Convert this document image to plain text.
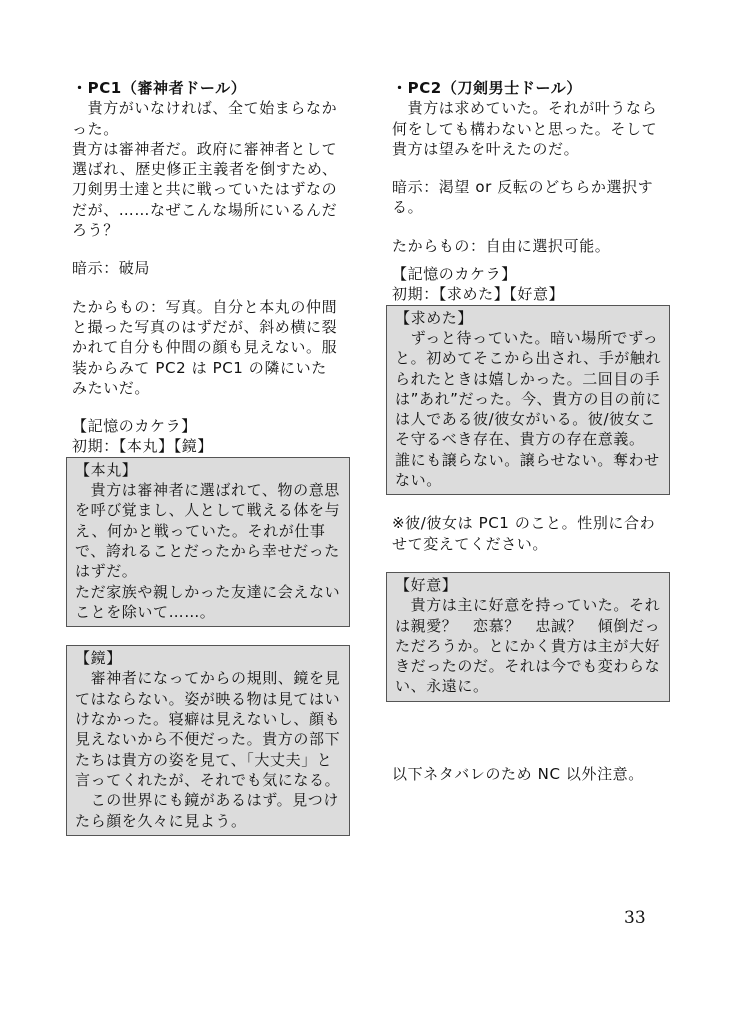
・PC1（審神者ドール）

　貴方がいなければ、全て始まらなかった。
貴方は審神者だ。政府に審神者として選ばれ、歴史修正主義者を倒すため、刀剣男士達と共に戦っていたはずなのだが、……なぜこんな場所にいるんだろう？

暗示：破局

たからもの：写真。自分と本丸の仲間と撮った写真のはずだが、斜め横に裂かれて自分も仲間の顔も見えない。服装からみて PC2 は PC1 の隣にいたみたいだ。

【記憶のカケラ】

初期：【本丸】【鏡】

【本丸】

　貴方は審神者に選ばれて、物の意思を呼び覚まし、人として戦える体を与え、何かと戦っていた。それが仕事で、誇れることだったから幸せだったはずだ。
ただ家族や親しかった友達に会えないことを除いて……。

【鏡】

　審神者になってからの規則、鏡を見てはならない。姿が映る物は見てはいけなかった。寝癖は見えないし、顔も見えないから不便だった。貴方の部下たちは貴方の姿を見て、「大丈夫」と言ってくれたが、それでも気になる。
　この世界にも鏡があるはず。見つけたら顔を久々に見よう。

・PC2（刀剣男士ドール）

　貴方は求めていた。それが叶うなら何をしても構わないと思った。そして貴方は望みを叶えたのだ。

暗示：渇望 or 反転のどちらか選択する。

たからもの：自由に選択可能。

【記憶のカケラ】

初期：【求めた】【好意】

【求めた】

　ずっと待っていた。暗い場所でずっと。初めてそこから出され、手が触れられたときは嬉しかった。二回目の手は”あれ”だった。今、貴方の目の前には人である彼/彼女がいる。彼/彼女こそ守るべき存在、貴方の存在意義。
誰にも譲らない。譲らせない。奪わせない。

※彼/彼女は PC1 のこと。性別に合わせて変えてください。

【好意】

　貴方は主に好意を持っていた。それは親愛？　恋慕？　忠誠？　傾倒だっただろうか。とにかく貴方は主が大好きだったのだ。それは今でも変わらない、永遠に。

以下ネタバレのため NC 以外注意。

33
